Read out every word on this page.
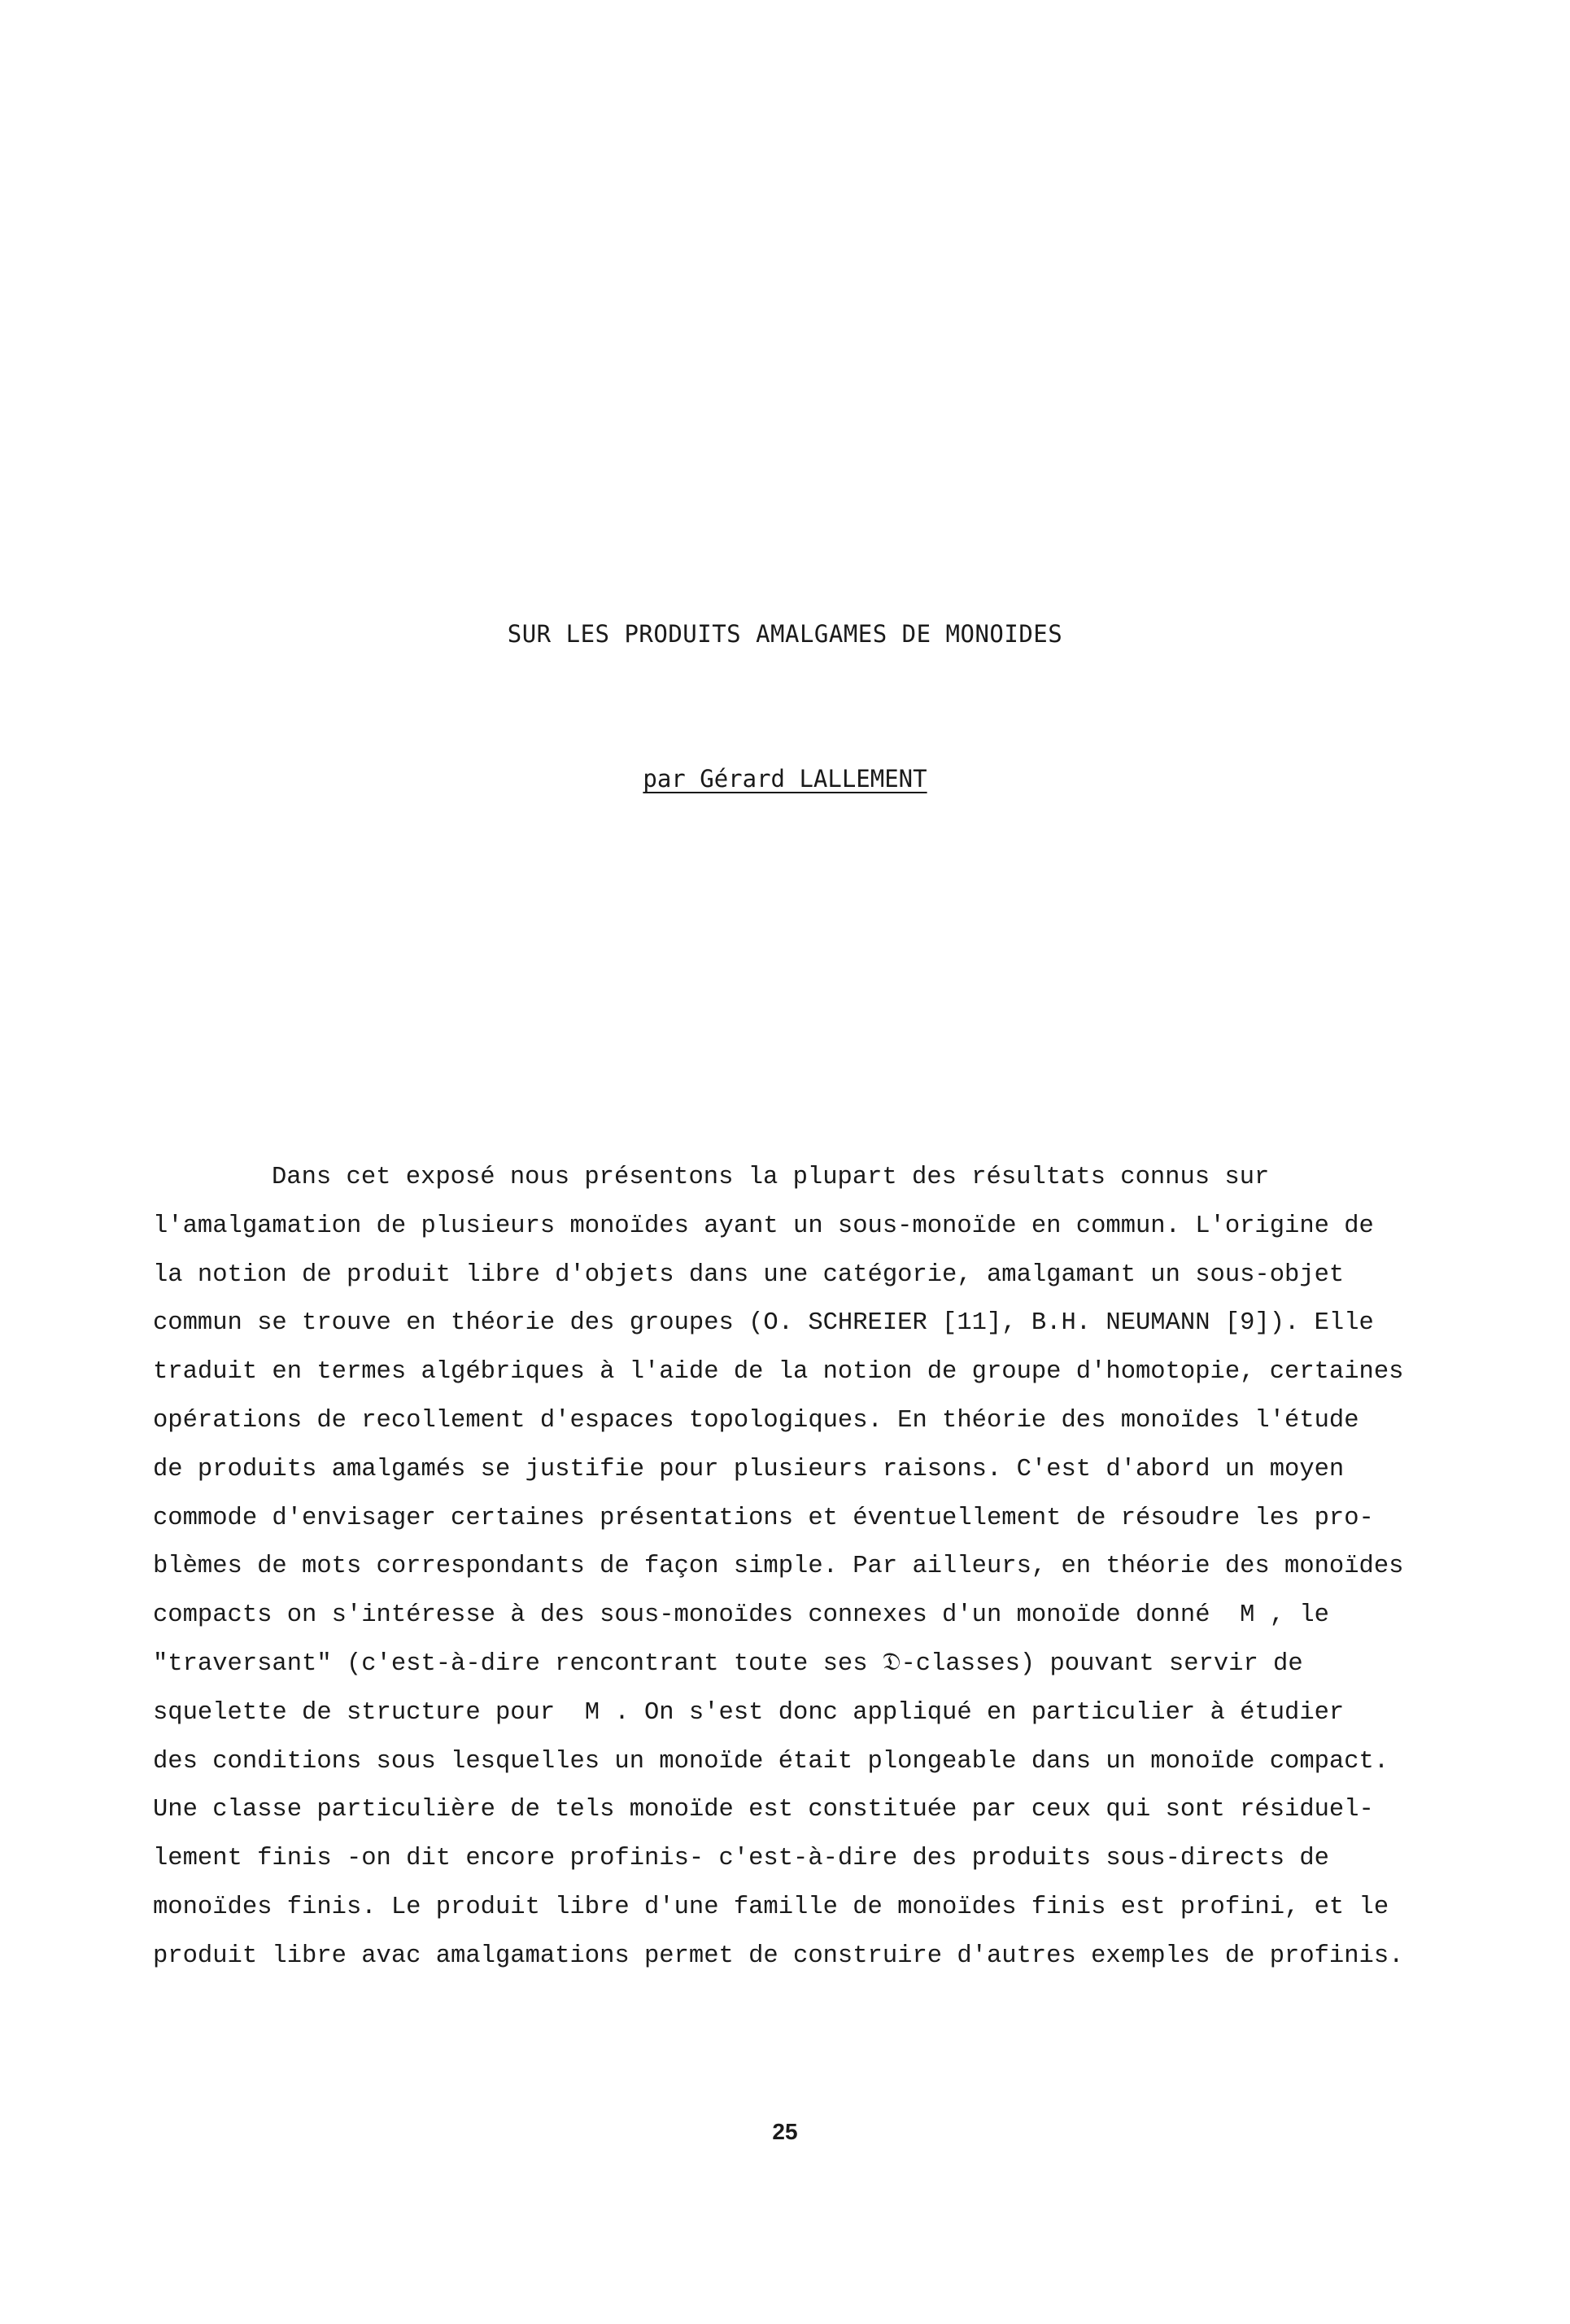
SUR LES PRODUITS AMALGAMES DE MONOIDES

par Gérard LALLEMENT

Dans cet exposé nous présentons la plupart des résultats connus sur
l'amalgamation de plusieurs monoïdes ayant un sous-monoïde en commun. L'origine de
la notion de produit libre d'objets dans une catégorie, amalgamant un sous-objet
commun se trouve en théorie des groupes (O. SCHREIER [11], B.H. NEUMANN [9]). Elle
traduit en termes algébriques à l'aide de la notion de groupe d'homotopie, certaines
opérations de recollement d'espaces topologiques. En théorie des monoïdes l'étude
de produits amalgamés se justifie pour plusieurs raisons. C'est d'abord un moyen
commode d'envisager certaines présentations et éventuellement de résoudre les pro-
blèmes de mots correspondants de façon simple. Par ailleurs, en théorie des monoïdes
compacts on s'intéresse à des sous-monoïdes connexes d'un monoïde donné  M , le
"traversant" (c'est-à-dire rencontrant toute ses 𝔇-classes) pouvant servir de
squelette de structure pour  M . On s'est donc appliqué en particulier à étudier
des conditions sous lesquelles un monoïde était plongeable dans un monoïde compact.
Une classe particulière de tels monoïde est constituée par ceux qui sont résiduel-
lement finis -on dit encore profinis- c'est-à-dire des produits sous-directs de
monoïdes finis. Le produit libre d'une famille de monoïdes finis est profini, et le
produit libre avac amalgamations permet de construire d'autres exemples de profinis.
25
